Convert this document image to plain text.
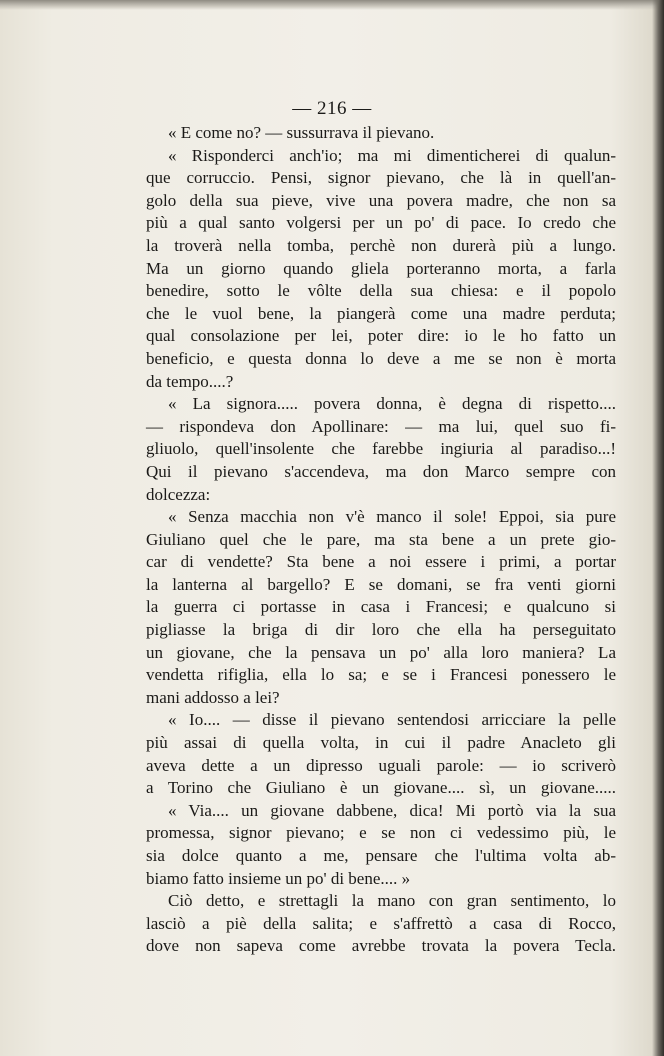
— 216 —
« E come no? — sussurrava il pievano.
« Risponderci anch'io; ma mi dimenticherei di qualun-
que corruccio. Pensi, signor pievano, che là in quell'an-
golo della sua pieve, vive una povera madre, che non sa
più a qual santo volgersi per un po' di pace. Io credo che
la troverà nella tomba, perchè non durerà più a lungo.
Ma un giorno quando gliela porteranno morta, a farla
benedire, sotto le vôlte della sua chiesa: e il popolo
che le vuol bene, la piangerà come una madre perduta;
qual consolazione per lei, poter dire: io le ho fatto un
beneficio, e questa donna lo deve a me se non è morta
da tempo....?
« La signora..... povera donna, è degna di rispetto....
— rispondeva don Apollinare: — ma lui, quel suo fi-
gliuolo, quell'insolente che farebbe ingiuria al paradiso...!
Qui il pievano s'accendeva, ma don Marco sempre con
dolcezza:
« Senza macchia non v'è manco il sole! Eppoi, sia pure
Giuliano quel che le pare, ma sta bene a un prete gio-
car di vendette? Sta bene a noi essere i primi, a portar
la lanterna al bargello? E se domani, se fra venti giorni
la guerra ci portasse in casa i Francesi; e qualcuno si
pigliasse la briga di dir loro che ella ha perseguitato
un giovane, che la pensava un po' alla loro maniera? La
vendetta rifiglia, ella lo sa; e se i Francesi ponessero le
mani addosso a lei?
« Io.... — disse il pievano sentendosi arricciare la pelle
più assai di quella volta, in cui il padre Anacleto gli
aveva dette a un dipresso uguali parole: — io scriverò
a Torino che Giuliano è un giovane.... sì, un giovane.....
« Via.... un giovane dabbene, dica! Mi portò via la sua
promessa, signor pievano; e se non ci vedessimo più, le
sia dolce quanto a me, pensare che l'ultima volta ab-
biamo fatto insieme un po' di bene.... »
Ciò detto, e strettagli la mano con gran sentimento, lo
lasciò a piè della salita; e s'affrettò a casa di Rocco,
dove non sapeva come avrebbe trovata la povera Tecla.
